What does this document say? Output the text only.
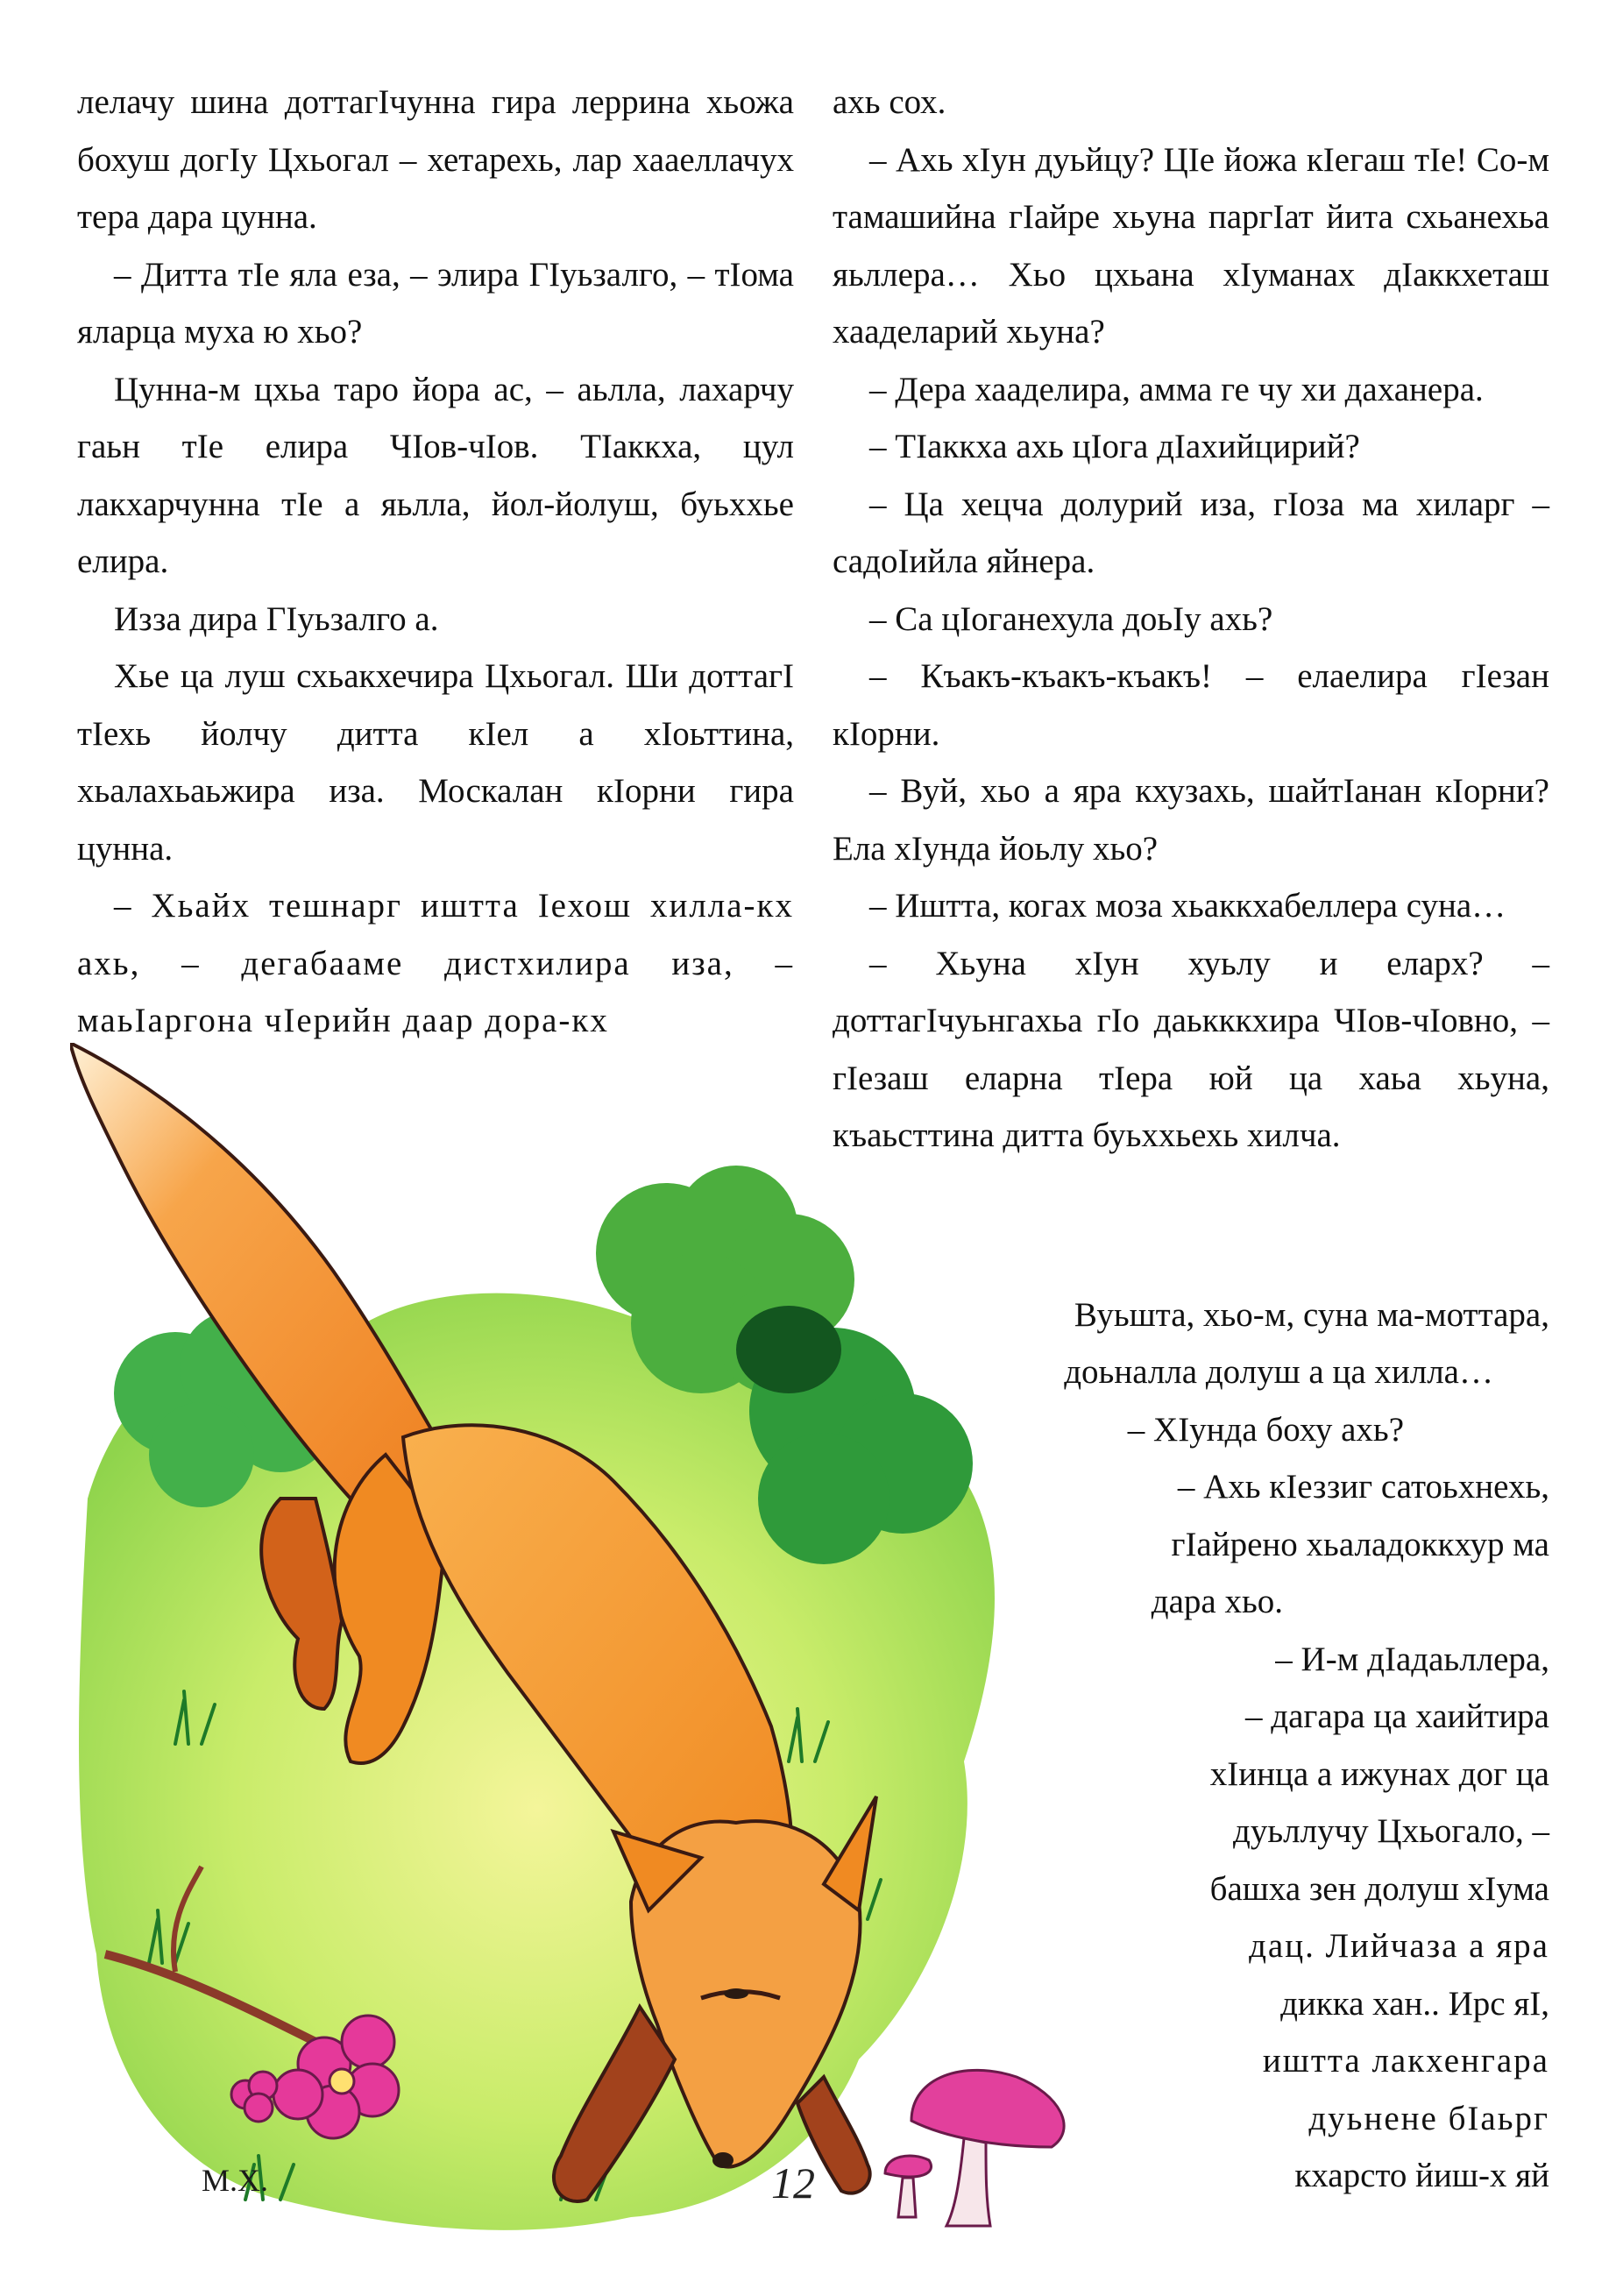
лелачу шина доттагІчунна гира леррина хьожа бохуш догІу Цхьогал – хетарехь, лар хааеллачух тера дара цунна.

– Дитта тІе яла еза, – элира ГІуьзалго, – тІома яларца муха ю хьо?

Цунна-м цхьа таро йора ас, – аьлла, лахарчу гаьн тІе елира ЧІов-чІов. ТІаккха, цул лакхарчунна тІе а яьлла, йол-йолуш, буьххье елира.

Изза дира ГІуьзалго а.

Хье ца луш схьакхечира Цхьогал. Ши доттагІ тІехь йолчу дитта кІел а хІоьттина, хьалахьаьжира иза. Москалан кІорни гира цунна.

– Хьайх тешнарг иштта Іехош хилла-кх ахь, – дегабааме дистхилира иза, – маьІаргона чІерийн даар дора-кх

ахь сох.

– Ахь хІун дуьйцу? ЦІе йожа кІегаш тІе! Со-м тамашийна гІайре хьуна паргІат йита схьанехьа яьллера… Хьо цхьана хІуманах дІаккхеташ хааделарий хьуна?

– Дера хааделира, амма ге чу хи даханера.

– ТІаккха ахь цІога дІахийцирий?

– Ца хецча долурий иза, гІоза ма хиларг – садоІийла яйнера.

– Са цІоганехула доьІу ахь?

– Къакъ-къакъ-къакъ! – елаелира гІезан кІорни.

– Вуй, хьо а яра кхузахь, шайтІанан кІорни? Ела хІунда йоьлу хьо?

– Иштта, когах моза хьаккхабеллера суна…

– Хьуна хІун хуьлу и еларх? – доттагІчуьнгахьа гІо даькккхира ЧІов-чІовно, – гІезаш еларна тІера юй ца хаьа хьуна, къаьсттина дитта буьххьехь хилча.

Вуьшта, хьо-м, суна ма-моттара,
доьналла долуш а ца хилла…
– ХІунда боху ахь?
– Ахь кІеззиг сатоьхнехь,
гІайрено хьаладоккхур ма
дара хьо.
– И-м дІадаьллера,
– дагара ца хаийтира
хІинца а ижунах дог ца
дуьллучу Цхьогало, –
башха зен долуш хІума
дац. Лийчаза а яра
дикка хан.. Ирс яІ,
иштта лакхенгара
дуьнене бІаьрг
кхарсто йиш-х яй
М.Х.	12
